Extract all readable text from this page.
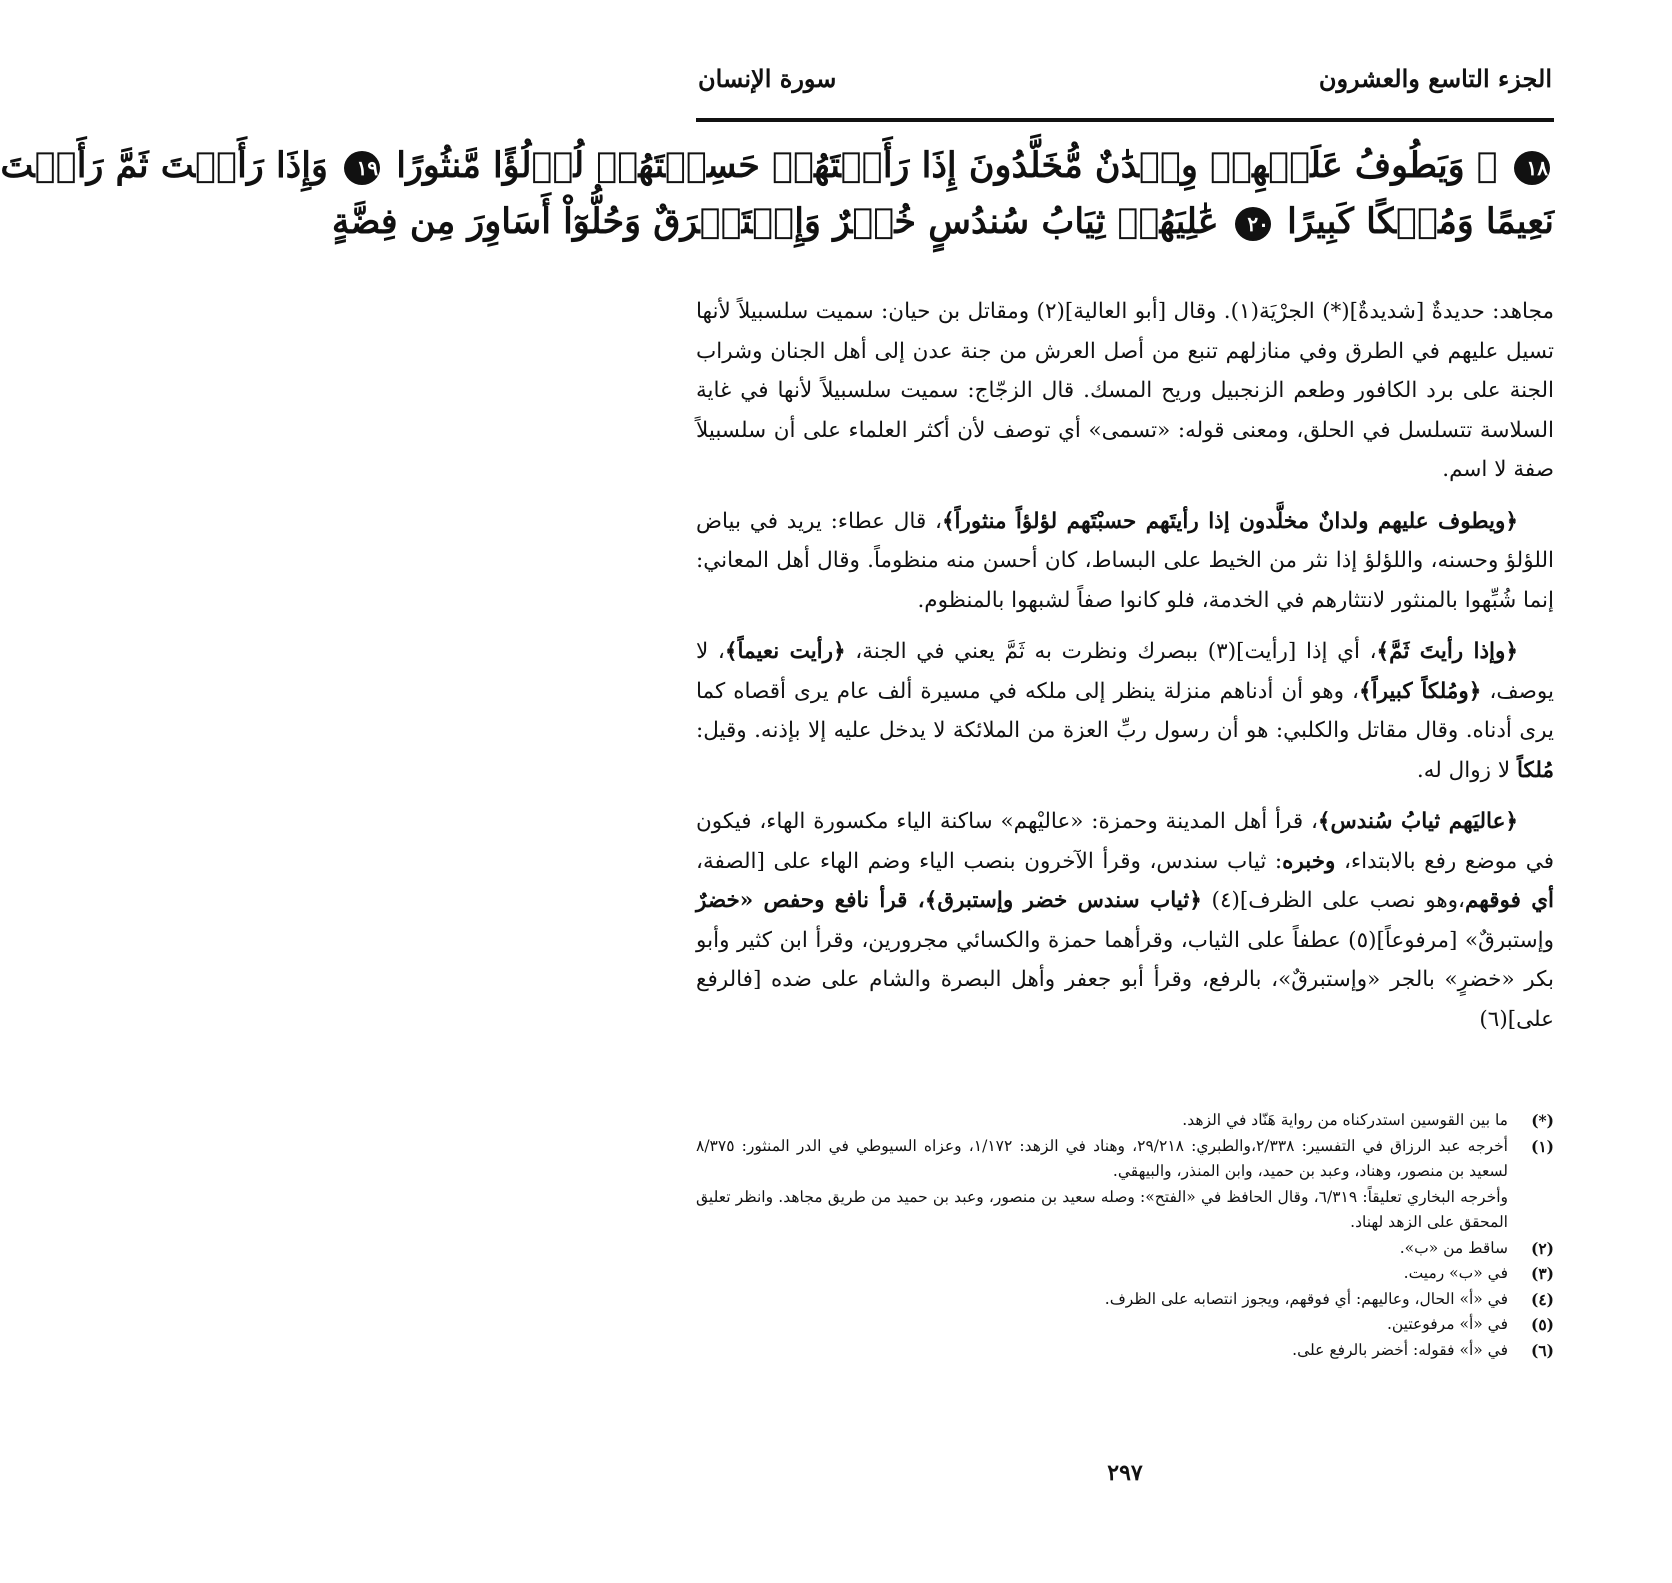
الجزء التاسع والعشرون
سورة الإنسان
١٨ ۞ وَيَطُوفُ عَلَيۡهِمۡ وِلۡدَٰنٌ مُّخَلَّدُونَ إِذَا رَأَيۡتَهُمۡ حَسِبۡتَهُمۡ لُؤۡلُؤًا مَّنثُورًا ١٩ وَإِذَا رَأَيۡتَ ثَمَّ رَأَيۡتَ
نَعِيمًا وَمُلۡكًا كَبِيرًا ٢٠ عَٰلِيَهُمۡ ثِيَابُ سُندُسٍ خُضۡرٌ وَإِسۡتَبۡرَقٌ وَحُلُّوٓاْ أَسَاوِرَ مِن فِضَّةٍ

مجاهد: حديدةٌ [شديدةٌ](*) الجرْيَة(١). وقال [أبو العالية](٢) ومقاتل بن حيان: سميت سلسبيلاً لأنها تسيل عليهم في الطرق وفي منازلهم تنبع من أصل العرش من جنة عدن إلى أهل الجنان وشراب الجنة على برد الكافور وطعم الزنجبيل وريح المسك. قال الزجّاج: سميت سلسبيلاً لأنها في غاية السلاسة تتسلسل في الحلق، ومعنى قوله: «تسمى» أي توصف لأن أكثر العلماء على أن سلسبيلاً صفة لا اسم.

﴿ويطوف عليهم ولدانٌ مخلَّدون إذا رأيتَهم حسبْتَهم لؤلؤاً منثوراً﴾، قال عطاء: يريد في بياض اللؤلؤ وحسنه، واللؤلؤ إذا نثر من الخيط على البساط، كان أحسن منه منظوماً. وقال أهل المعاني: إنما شُبِّهوا بالمنثور لانتثارهم في الخدمة، فلو كانوا صفاً لشبهوا بالمنظوم.

﴿وإذا رأيتَ ثَمَّ﴾، أي إذا [رأيت](٣) ببصرك ونظرت به ثَمَّ يعني في الجنة، ﴿رأيت نعيماً﴾، لا يوصف، ﴿ومُلكاً كبيراً﴾، وهو أن أدناهم منزلة ينظر إلى ملكه في مسيرة ألف عام يرى أقصاه كما يرى أدناه. وقال مقاتل والكلبي: هو أن رسول ربِّ العزة من الملائكة لا يدخل عليه إلا بإذنه. وقيل: مُلكاً لا زوال له.

﴿عاليَهم ثيابُ سُندس﴾، قرأ أهل المدينة وحمزة: «عاليْهم» ساكنة الياء مكسورة الهاء، فيكون في موضع رفع بالابتداء، وخبره: ثياب سندس، وقرأ الآخرون بنصب الياء وضم الهاء على [الصفة، أي فوقهم،وهو نصب على الظرف](٤) ﴿ثياب سندس خضر وإستبرق﴾، قرأ نافع وحفص «خضرٌ وإستبرقٌ» [مرفوعاً](٥) عطفاً على الثياب، وقرأهما حمزة والكسائي مجرورين، وقرأ ابن كثير وأبو بكر «خضرٍ» بالجر «وإستبرقٌ»، بالرفع، وقرأ أبو جعفر وأهل البصرة والشام على ضده [فالرفع على](٦)

(*)
ما بين القوسين استدركناه من رواية هَنّاد في الزهد.
(١)
أخرجه عبد الرزاق في التفسير: ٢/٣٣٨،والطبري: ٢٩/٢١٨، وهناد في الزهد: ١/١٧٢، وعزاه السيوطي في الدر المنثور: ٨/٣٧٥ لسعيد بن منصور، وهناد، وعبد بن حميد، وابن المنذر، والبيهقي.
وأخرجه البخاري تعليقاً: ٦/٣١٩، وقال الحافظ في «الفتح»: وصله سعيد بن منصور، وعبد بن حميد من طريق مجاهد. وانظر تعليق المحقق على الزهد لهناد.
(٢)
ساقط من «ب».
(٣)
في «ب» رميت.
(٤)
في «أ» الحال، وعاليهم: أي فوقهم، ويجوز انتصابه على الظرف.
(٥)
في «أ» مرفوعتين.
(٦)
في «أ» فقوله: أخضر بالرفع على.
٢٩٧
